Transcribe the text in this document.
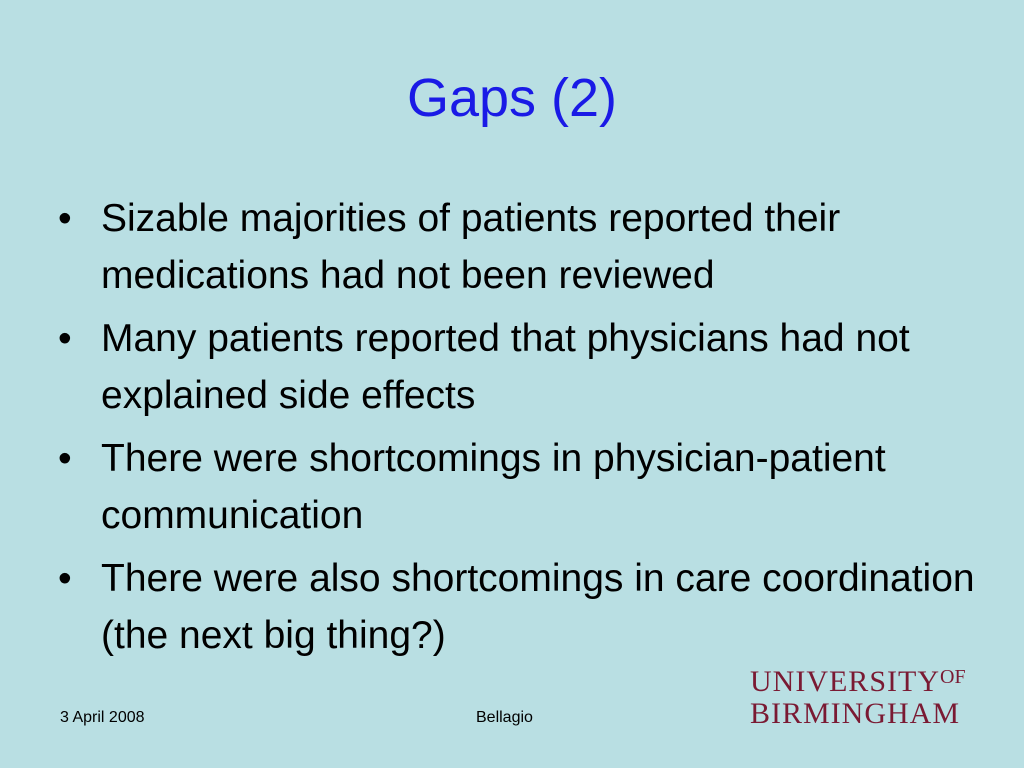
Gaps (2)
• Sizable majorities of patients reported their medications had not been reviewed
• Many patients reported that physicians had not explained side effects
• There were shortcomings in physician-patient communication
• There were also shortcomings in care coordination (the next big thing?)
3 April 2008	Bellagio
$UNIVERSITY^{OF}$
BIRMINGHAM
